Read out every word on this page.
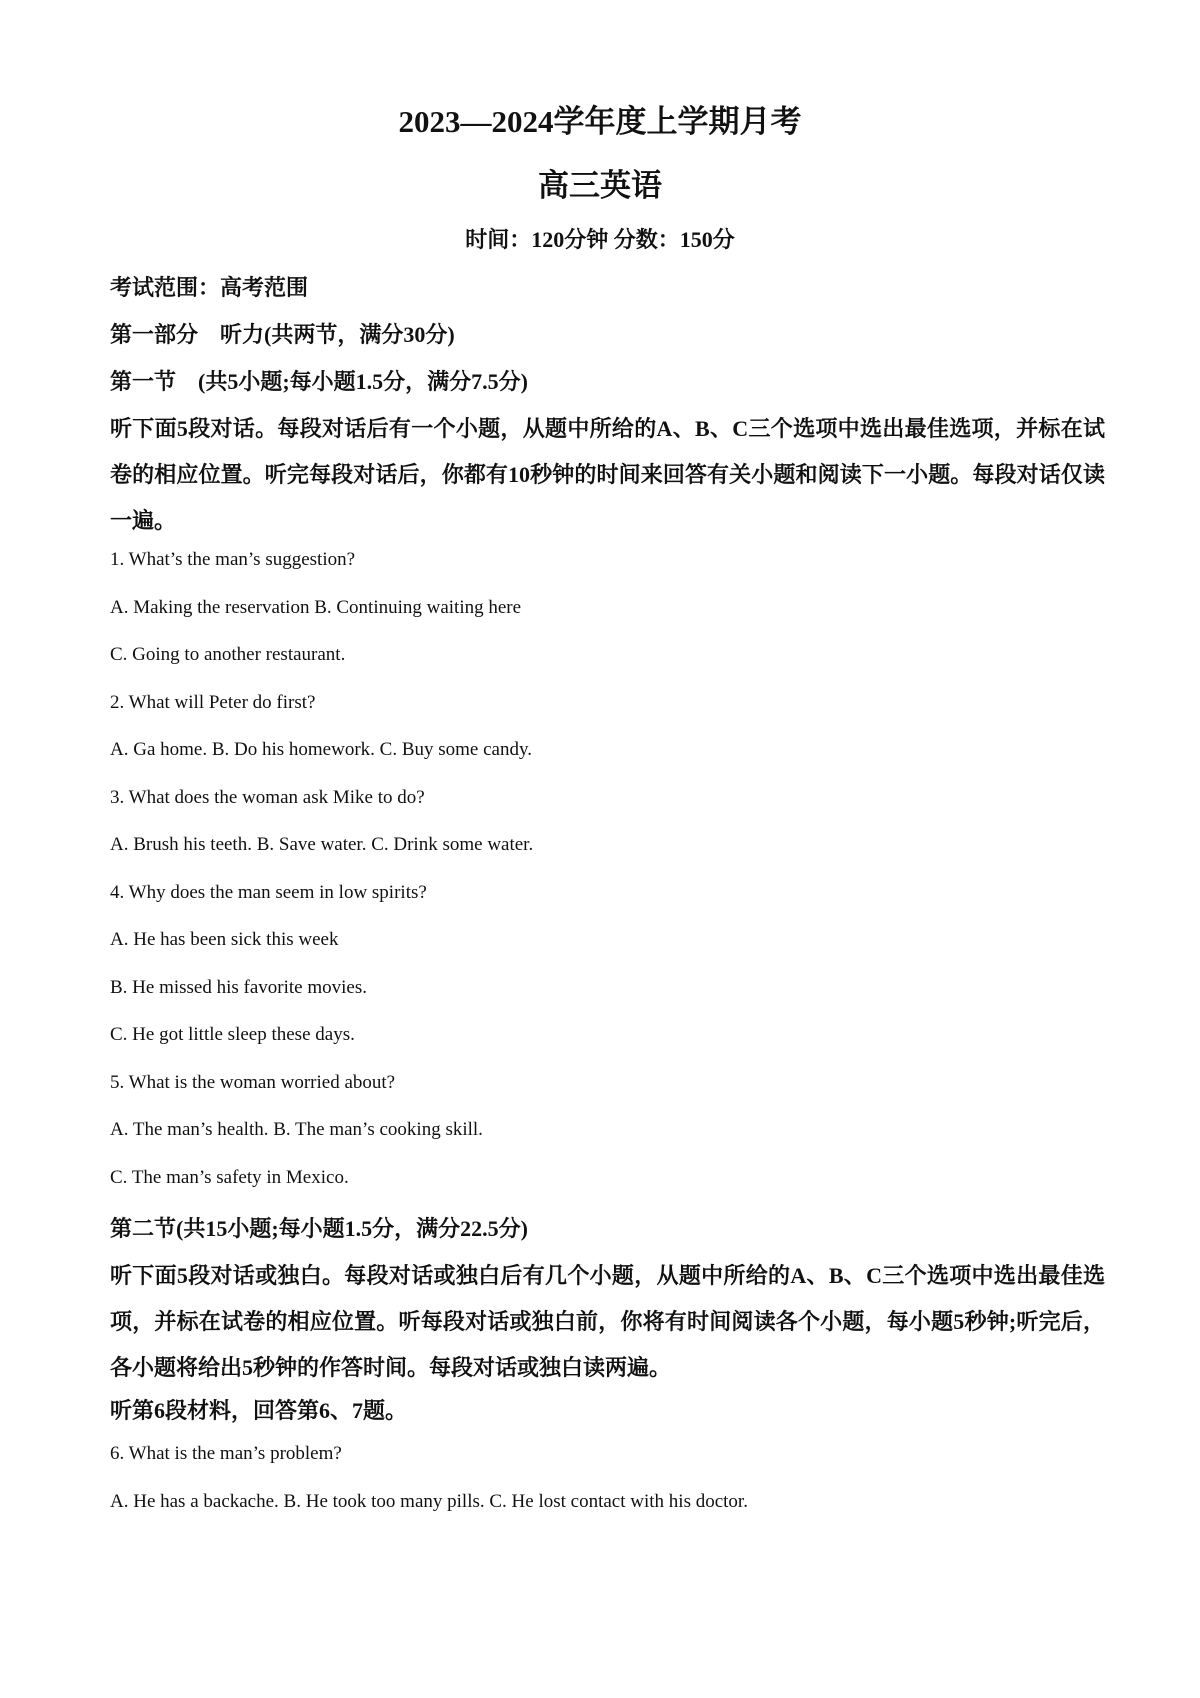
2023—2024学年度上学期月考
高三英语
时间：120分钟 分数：150分
考试范围：高考范围
第一部分　听力(共两节，满分30分)
第一节　(共5小题;每小题1.5分，满分7.5分)
听下面5段对话。每段对话后有一个小题，从题中所给的A、B、C三个选项中选出最佳选项，并标在试卷的相应位置。听完每段对话后，你都有10秒钟的时间来回答有关小题和阅读下一小题。每段对话仅读一遍。
1. What’s the man’s suggestion?
A. Making the reservation B. Continuing waiting here
C. Going to another restaurant.
2. What will Peter do first?
A. Ga home. B. Do his homework. C. Buy some candy.
3. What does the woman ask Mike to do?
A. Brush his teeth. B. Save water. C. Drink some water.
4. Why does the man seem in low spirits?
A. He has been sick this week
B. He missed his favorite movies.
C. He got little sleep these days.
5. What is the woman worried about?
A. The man’s health. B. The man’s cooking skill.
C. The man’s safety in Mexico.
第二节(共15小题;每小题1.5分，满分22.5分)
听下面5段对话或独白。每段对话或独白后有几个小题，从题中所给的A、B、C三个选项中选出最佳选项，并标在试卷的相应位置。听每段对话或独白前，你将有时间阅读各个小题，每小题5秒钟;听完后，各小题将给出5秒钟的作答时间。每段对话或独白读两遍。
听第6段材料，回答第6、7题。
6. What is the man’s problem?
A. He has a backache. B. He took too many pills. C. He lost contact with his doctor.
